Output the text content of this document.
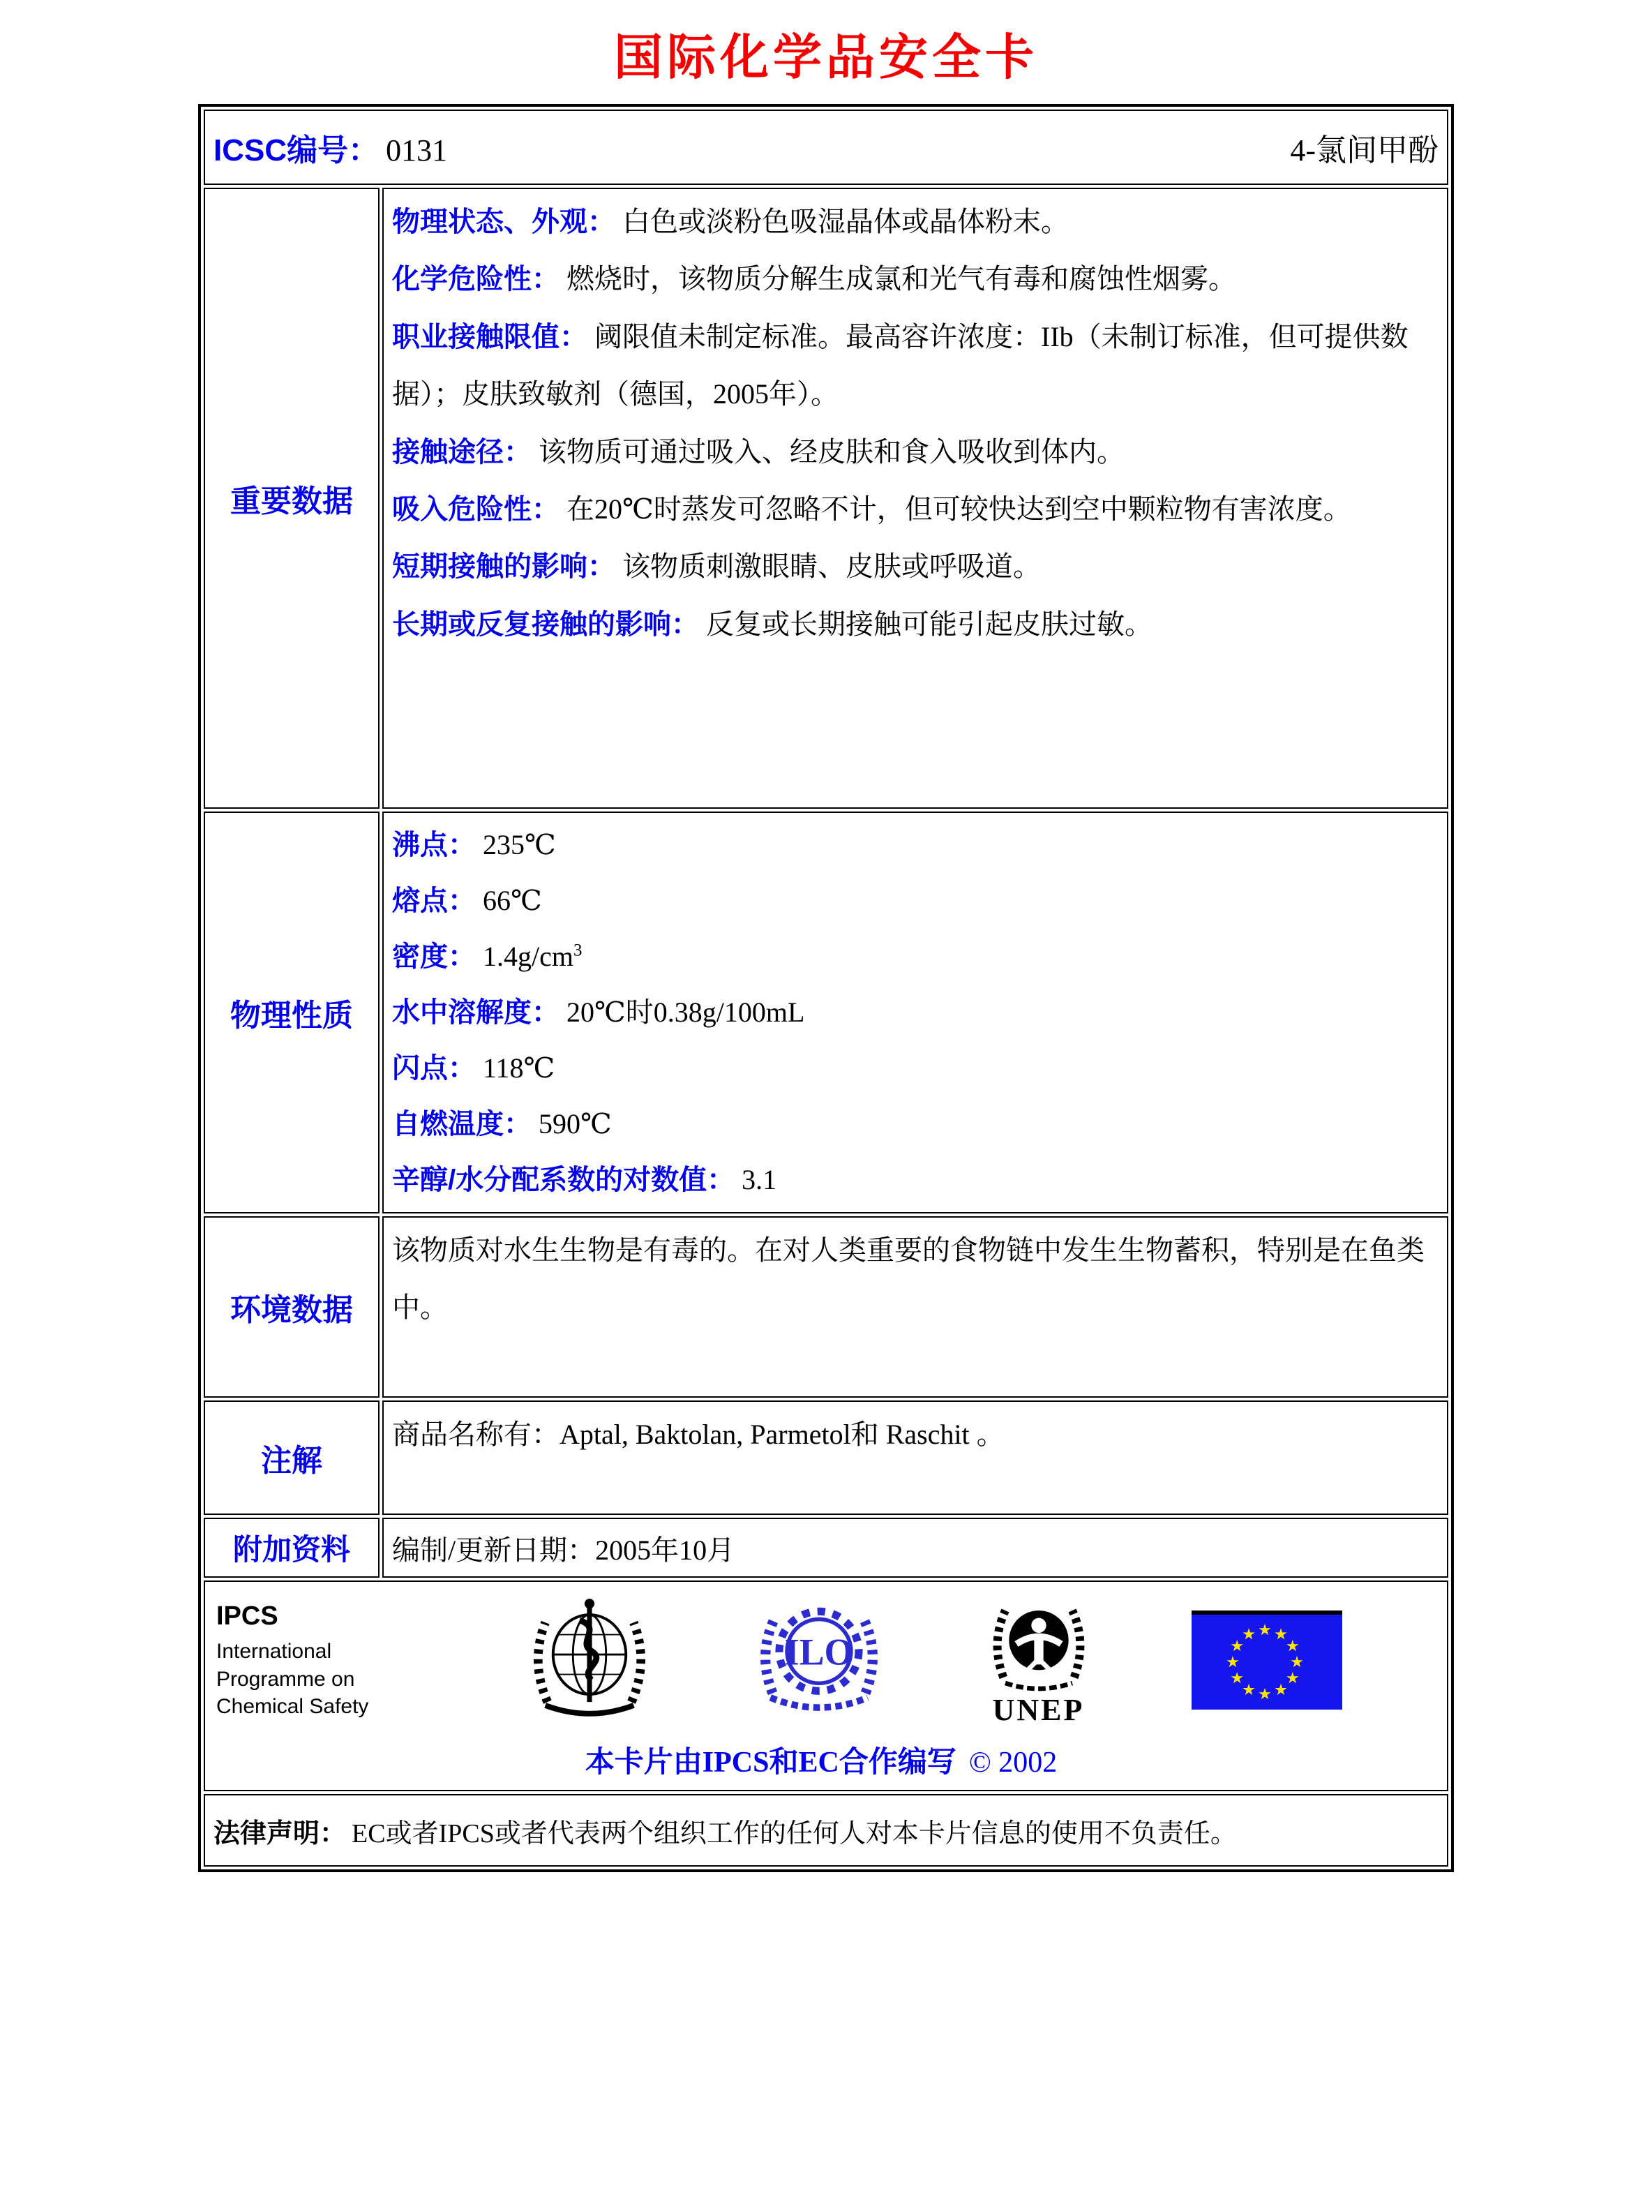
国际化学品安全卡
ICSC编号： 0131 4-氯间甲酚	

重要数据	
物理状态、外观： 白色或淡粉色吸湿晶体或晶体粉末。
化学危险性： 燃烧时，该物质分解生成氯和光气有毒和腐蚀性烟雾。
职业接触限值： 阈限值未制定标准。最高容许浓度：IIb（未制订标准，但可提供数据）；皮肤致敏剂（德国，2005年）。
接触途径： 该物质可通过吸入、经皮肤和食入吸收到体内。
吸入危险性： 在20℃时蒸发可忽略不计，但可较快达到空中颗粒物有害浓度。
短期接触的影响： 该物质刺激眼睛、皮肤或呼吸道。
长期或反复接触的影响： 反复或长期接触可能引起皮肤过敏。

物理性质	
沸点： 235℃
熔点： 66℃
密度： $1.4g/cm^3$
水中溶解度： 20℃时0.38g/100mL
闪点： 118℃
自燃温度： 590℃
辛醇/水分配系数的对数值： 3.1

环境数据	该物质对水生生物是有毒的。在对人类重要的食物链中发生生物蓄积，特别是在鱼类中。

注解	商品名称有：Aptal, Baktolan, Parmetol和 Raschit 。

附加资料	编制/更新日期：2005年10月

IPCS
International
Programme on
Chemical Safety
ILO
UNEP
本卡片由IPCS和EC合作编写 © 2002

法律声明： EC或者IPCS或者代表两个组织工作的任何人对本卡片信息的使用不负责任。	
